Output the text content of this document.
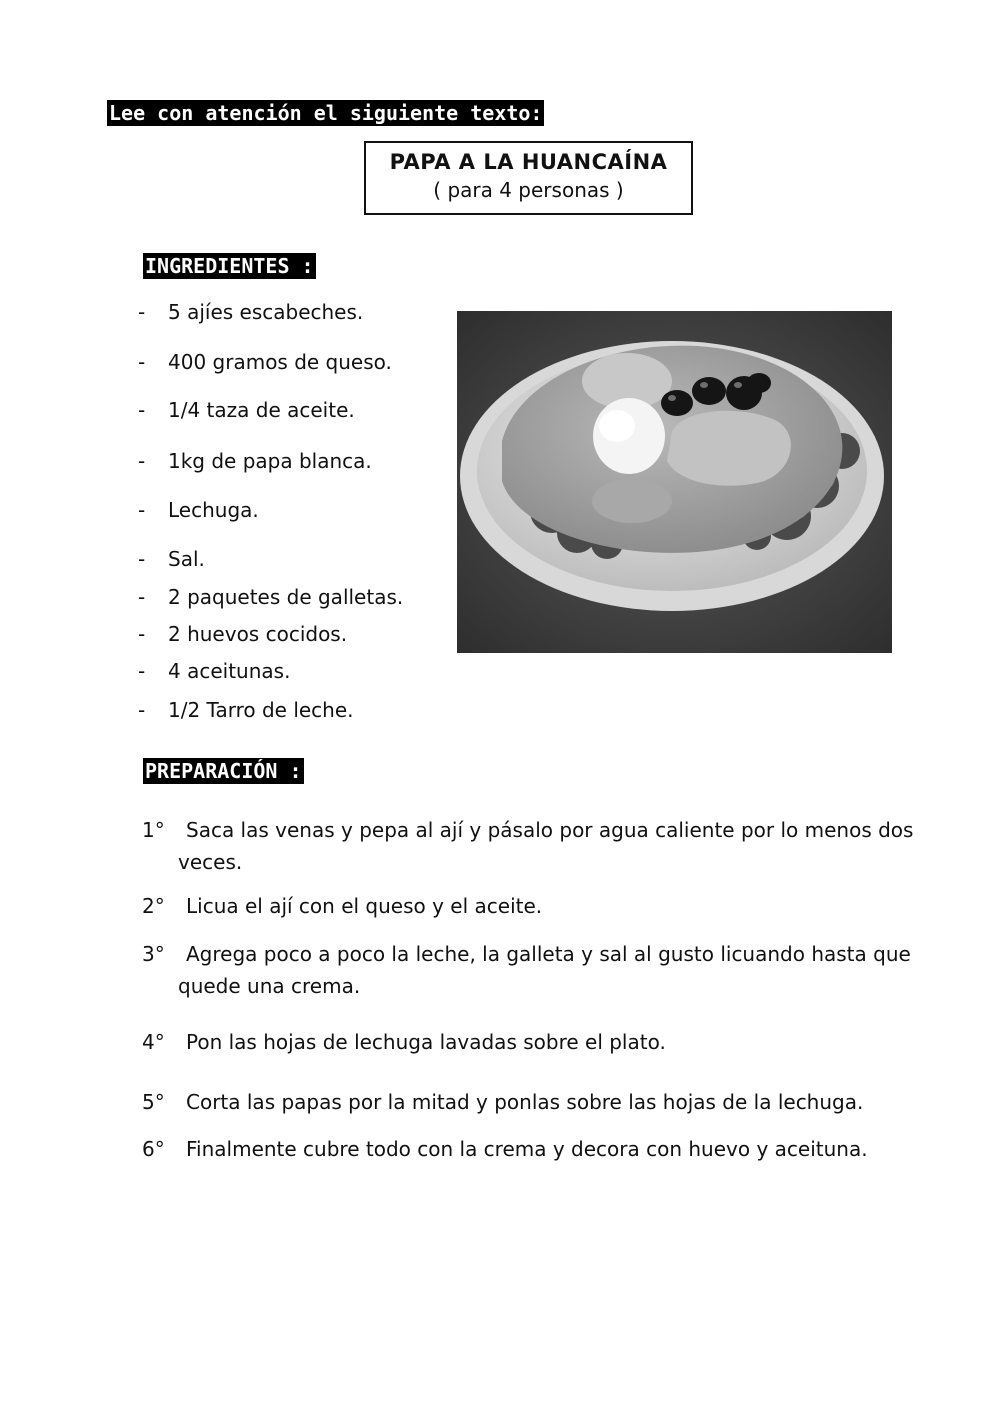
Lee con atención el siguiente texto:
PAPA A LA HUANCAÍNA
( para 4 personas )
INGREDIENTES :
- 5 ajíes escabeches.
- 400 gramos de queso.
- 1/4 taza de aceite.
- 1kg de papa blanca.
- Lechuga.
- Sal.
- 2 paquetes de galletas.
- 2 huevos cocidos.
- 4 aceitunas.
- 1/2 Tarro de leche.
PREPARACIÓN :
1° Saca las venas y pepa al ají y pásalo por agua caliente por lo menos dos
veces.
2° Licua el ají con el queso y el aceite.
3° Agrega poco a poco la leche, la galleta y sal al gusto licuando hasta que
quede una crema.
4° Pon las hojas de lechuga lavadas sobre el plato.
5° Corta las papas por la mitad y ponlas sobre las hojas de la lechuga.
6° Finalmente cubre todo con la crema y decora con huevo y aceituna.
